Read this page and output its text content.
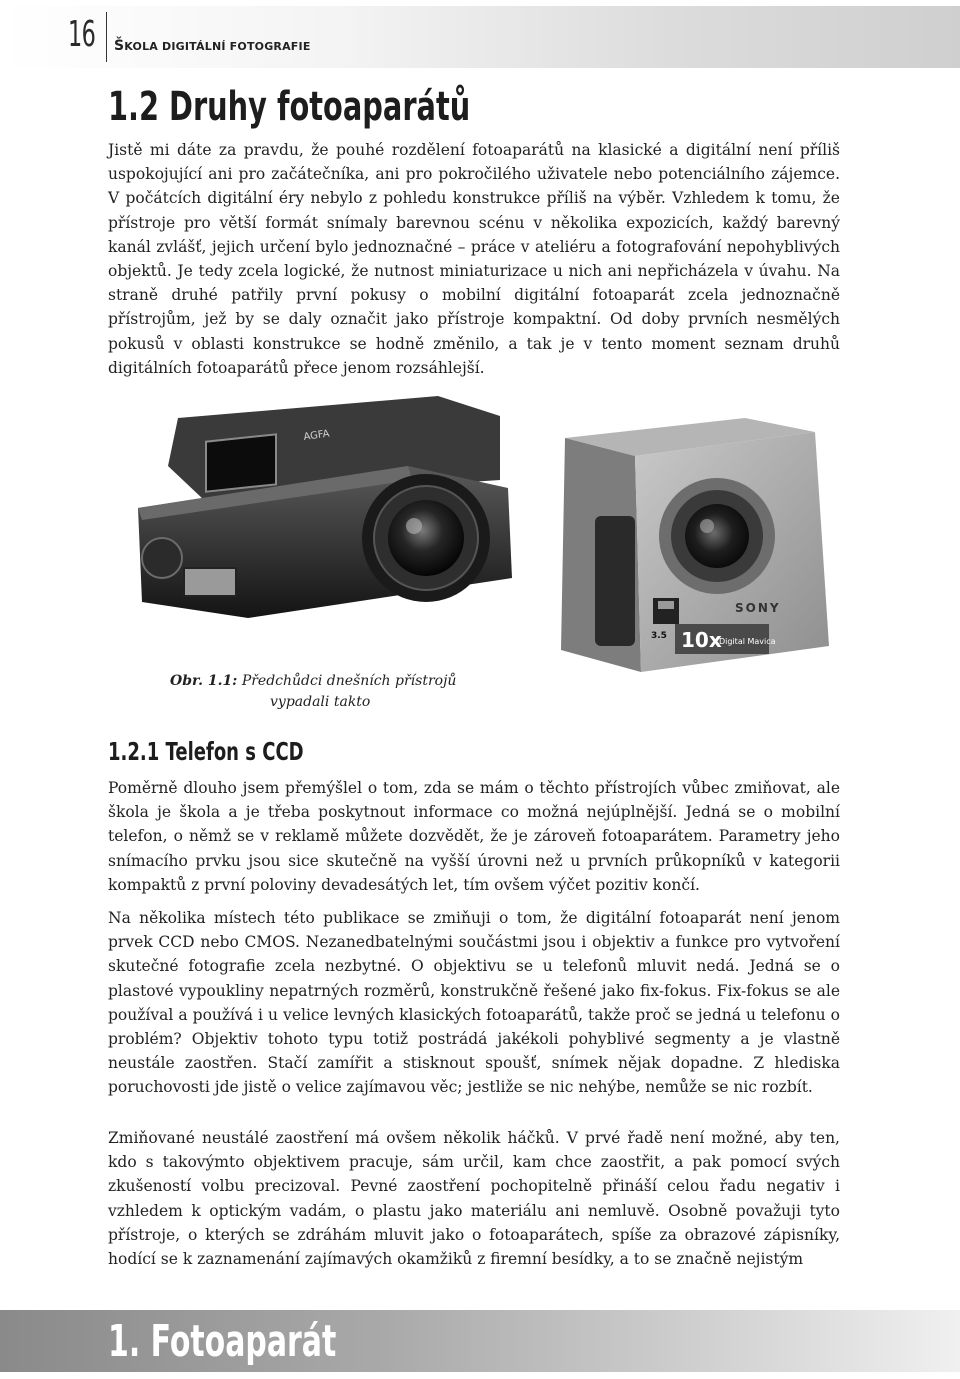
16 ŠKOLA DIGITÁLNÍ FOTOGRAFIE
1.2 Druhy fotoaparátů

Jistě mi dáte za pravdu, že pouhé rozdělení fotoaparátů na klasické a digitální není příliš uspokojující ani pro začátečníka, ani pro pokročilého uživatele nebo potenciálního zájemce. V počátcích digitální éry nebylo z pohledu konstrukce příliš na výběr. Vzhledem k tomu, že přístroje pro větší formát snímaly barevnou scénu v několika expozicích, každý barevný kanál zvlášť, jejich určení bylo jednoznačné – práce v ateliéru a fotografování nepohyblivých objektů. Je tedy zcela logické, že nutnost miniaturizace u nich ani nepřicházela v úvahu. Na straně druhé patřily první pokusy o mobilní digitální fotoaparát zcela jednoznačně přístrojům, jež by se daly označit jako přístroje kompaktní. Od doby prvních nesmělých pokusů v oblasti konstrukce se hodně změnilo, a tak je v tento moment seznam druhů digitálních fotoaparátů přece jenom rozsáhlejší.

AGFA
3.5
SONY
10x
Digital Mavica
Obr. 1.1: Předchůdci dnešních přístrojů
vypadali takto
1.2.1 Telefon s CCD

Poměrně dlouho jsem přemýšlel o tom, zda se mám o těchto přístrojích vůbec zmiňovat, ale škola je škola a je třeba poskytnout informace co možná nejúplnější. Jedná se o mobilní telefon, o němž se v reklamě můžete dozvědět, že je zároveň fotoaparátem. Parametry jeho snímacího prvku jsou sice skutečně na vyšší úrovni než u prvních průkopníků v kategorii kompaktů z první poloviny devadesátých let, tím ovšem výčet pozitiv končí.

Na několika místech této publikace se zmiňuji o tom, že digitální fotoaparát není jenom prvek CCD nebo CMOS. Nezanedbatelnými součástmi jsou i objektiv a funkce pro vytvoření skutečné fotografie zcela nezbytné. O objektivu se u telefonů mluvit nedá. Jedná se o plastové vypoukliny nepatrných rozměrů, konstrukčně řešené jako fix-fokus. Fix-fokus se ale používal a používá i u velice levných klasických fotoaparátů, takže proč se jedná u telefonu o problém? Objektiv tohoto typu totiž postrádá jakékoli pohyblivé segmenty a je vlastně neustále zaostřen. Stačí zamířit a stisknout spoušť, snímek nějak dopadne. Z hlediska poruchovosti jde jistě o velice zajímavou věc; jestliže se nic nehýbe, nemůže se nic rozbít.

Zmiňované neustálé zaostření má ovšem několik háčků. V prvé řadě není možné, aby ten, kdo s takovýmto objektivem pracuje, sám určil, kam chce zaostřit, a pak pomocí svých zkušeností volbu precizoval. Pevné zaostření pochopitelně přináší celou řadu negativ i vzhledem k optickým vadám, o plastu jako materiálu ani nemluvě. Osobně považuji tyto přístroje, o kterých se zdráhám mluvit jako o fotoaparátech, spíše za obrazové zápisníky, hodící se k zaznamenání zajímavých okamžiků z firemní besídky, a to se značně nejistým

1. Fotoaparát
